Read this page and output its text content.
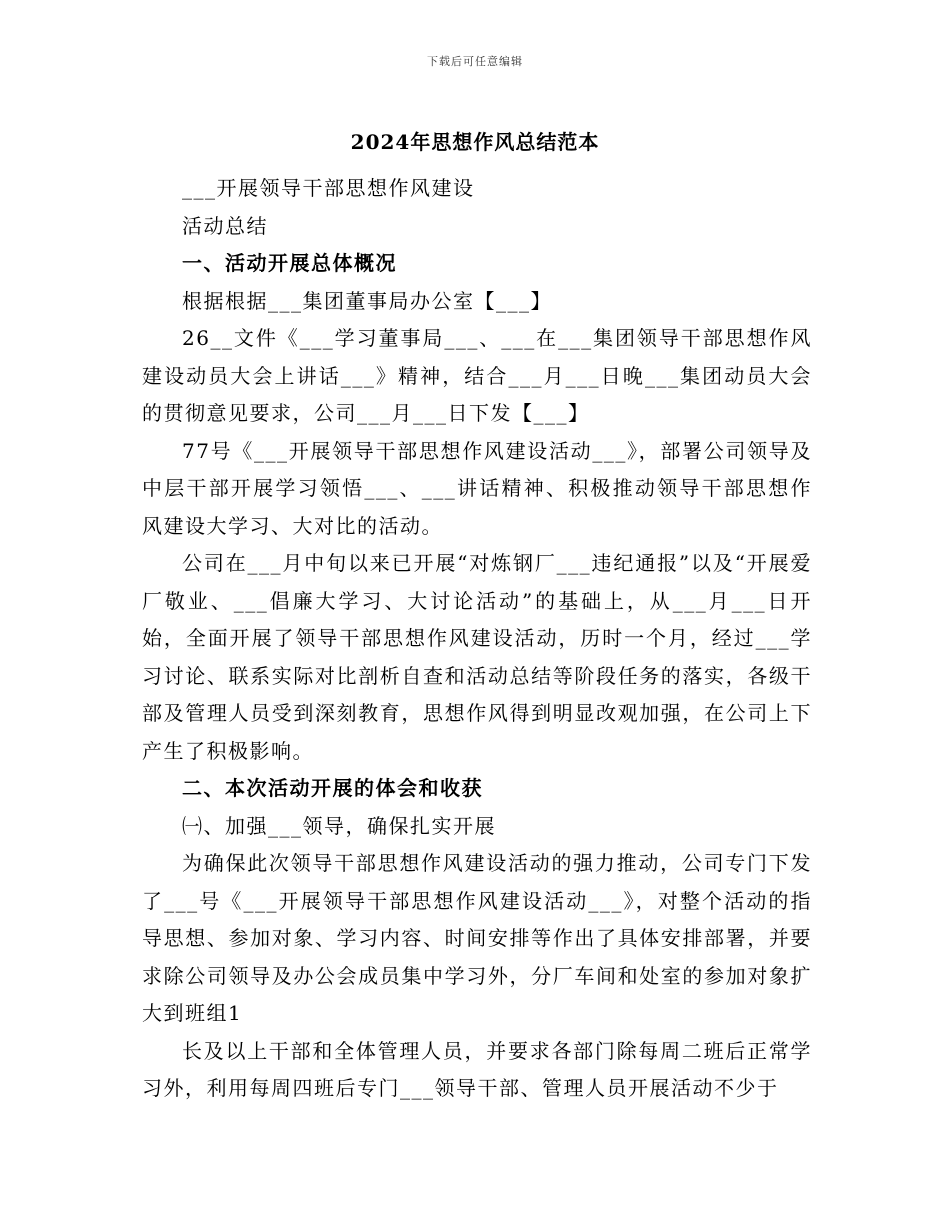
下载后可任意编辑
2024年思想作风总结范本

___开展领导干部思想作风建设

活动总结

一、活动开展总体概况

根据根据___集团董事局办公室【___】

26__文件《___学习董事局___、___在___集团领导干部思想作风建设动员大会上讲话___》精神，结合___月___日晚___集团动员大会的贯彻意见要求，公司___月___日下发【___】

77号《___开展领导干部思想作风建设活动___》，部署公司领导及中层干部开展学习领悟___、___讲话精神、积极推动领导干部思想作风建设大学习、大对比的活动。

公司在___月中旬以来已开展“对炼钢厂___违纪通报”以及“开展爱厂敬业、___倡廉大学习、大讨论活动”的基础上，从___月___日开始，全面开展了领导干部思想作风建设活动，历时一个月，经过___学习讨论、联系实际对比剖析自查和活动总结等阶段任务的落实，各级干部及管理人员受到深刻教育，思想作风得到明显改观加强，在公司上下产生了积极影响。

二、本次活动开展的体会和收获

㈠、加强___领导，确保扎实开展

为确保此次领导干部思想作风建设活动的强力推动，公司专门下发了___号《___开展领导干部思想作风建设活动___》，对整个活动的指导思想、参加对象、学习内容、时间安排等作出了具体安排部署，并要求除公司领导及办公会成员集中学习外，分厂车间和处室的参加对象扩大到班组1

长及以上干部和全体管理人员，并要求各部门除每周二班后正常学习外，利用每周四班后专门___领导干部、管理人员开展活动不少于
